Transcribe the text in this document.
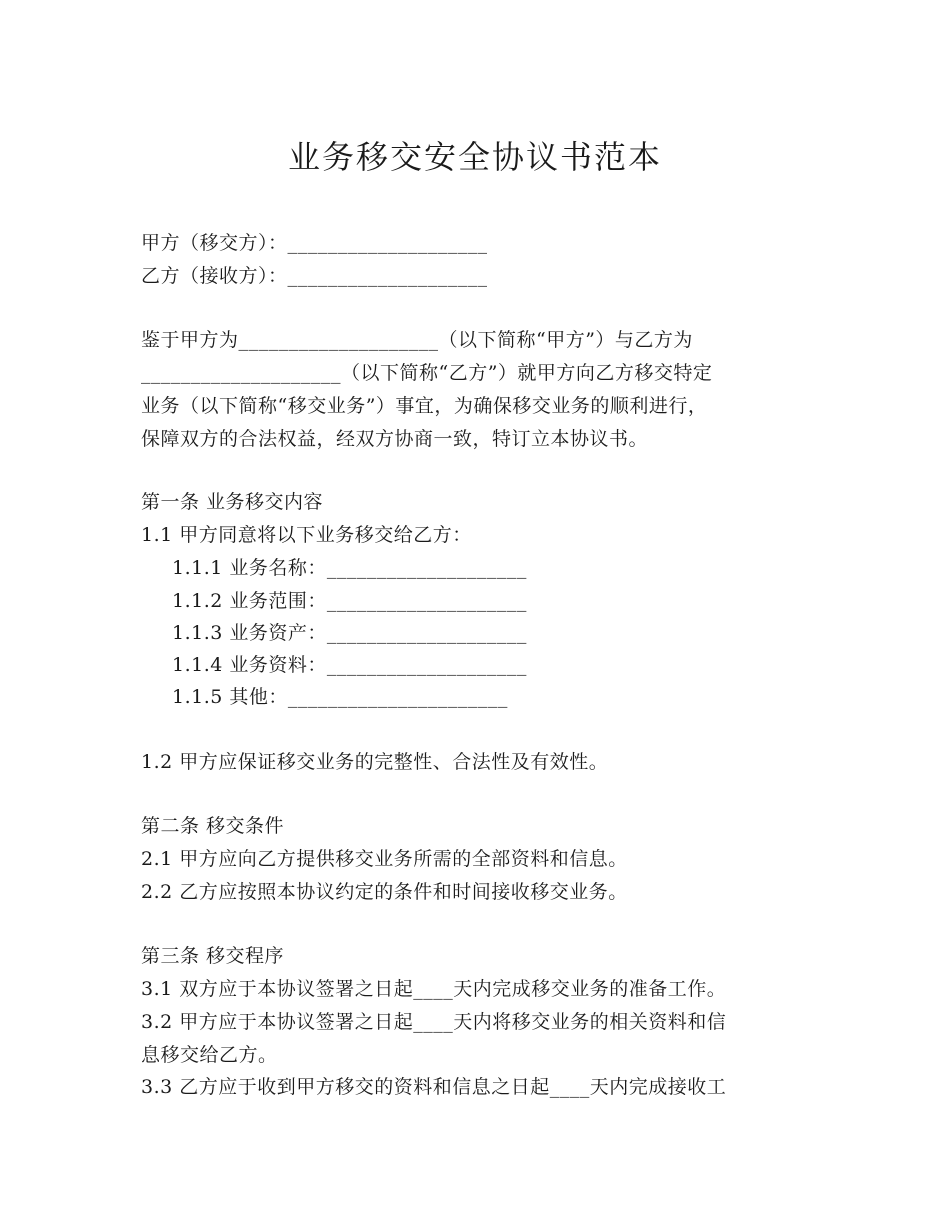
业务移交安全协议书范本
甲方（移交方）：____________________
乙方（接收方）：____________________
鉴于甲方为____________________（以下简称“甲方”）与乙方为
____________________（以下简称“乙方”）就甲方向乙方移交特定
业务（以下简称“移交业务”）事宜，为确保移交业务的顺利进行，
保障双方的合法权益，经双方协商一致，特订立本协议书。
第一条 业务移交内容
1.1 甲方同意将以下业务移交给乙方：
1.1.1 业务名称：____________________
1.1.2 业务范围：____________________
1.1.3 业务资产：____________________
1.1.4 业务资料：____________________
1.1.5 其他：______________________
1.2 甲方应保证移交业务的完整性、合法性及有效性。
第二条 移交条件
2.1 甲方应向乙方提供移交业务所需的全部资料和信息。
2.2 乙方应按照本协议约定的条件和时间接收移交业务。
第三条 移交程序
3.1 双方应于本协议签署之日起____天内完成移交业务的准备工作。
3.2 甲方应于本协议签署之日起____天内将移交业务的相关资料和信
息移交给乙方。
3.3 乙方应于收到甲方移交的资料和信息之日起____天内完成接收工
